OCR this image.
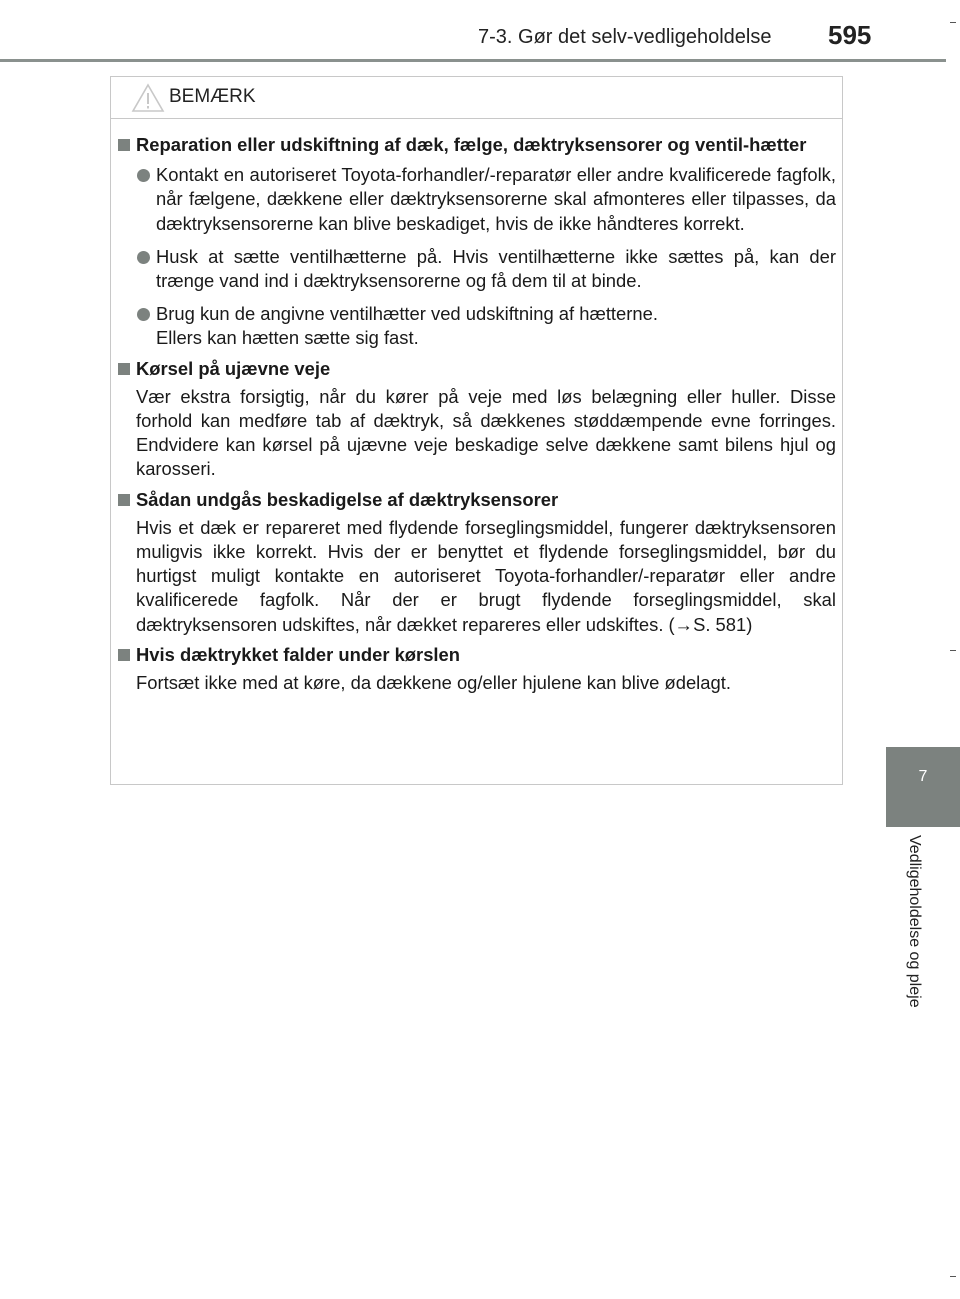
7-3. Gør det selv-vedligeholdelse 595
7
Vedligeholdelse og pleje
BEMÆRK

Reparation eller udskiftning af dæk, fælge, dæktryksensorer og ventil-hætter

Kontakt en autoriseret Toyota-forhandler/-reparatør eller andre kvalificerede fagfolk, når fælgene, dækkene eller dæktryksensorerne skal afmonteres eller tilpasses, da dæktryksensorerne kan blive beskadiget, hvis de ikke håndteres korrekt.
Husk at sætte ventilhætterne på. Hvis ventilhætterne ikke sættes på, kan der trænge vand ind i dæktryksensorerne og få dem til at binde.
Brug kun de angivne ventilhætter ved udskiftning af hætterne.
Ellers kan hætten sætte sig fast.

Kørsel på ujævne veje

Vær ekstra forsigtig, når du kører på veje med løs belægning eller huller. Disse forhold kan medføre tab af dæktryk, så dækkenes støddæmpende evne forringes. Endvidere kan kørsel på ujævne veje beskadige selve dækkene samt bilens hjul og karosseri.

Sådan undgås beskadigelse af dæktryksensorer

Hvis et dæk er repareret med flydende forseglingsmiddel, fungerer dæktryksensoren muligvis ikke korrekt. Hvis der er benyttet et flydende forseglingsmiddel, bør du hurtigst muligt kontakte en autoriseret Toyota-forhandler/-reparatør eller andre kvalificerede fagfolk. Når der er brugt flydende forseglingsmiddel, skal dæktryksensoren udskiftes, når dækket repareres eller udskiftes. (→S. 581)

Hvis dæktrykket falder under kørslen

Fortsæt ikke med at køre, da dækkene og/eller hjulene kan blive ødelagt.
